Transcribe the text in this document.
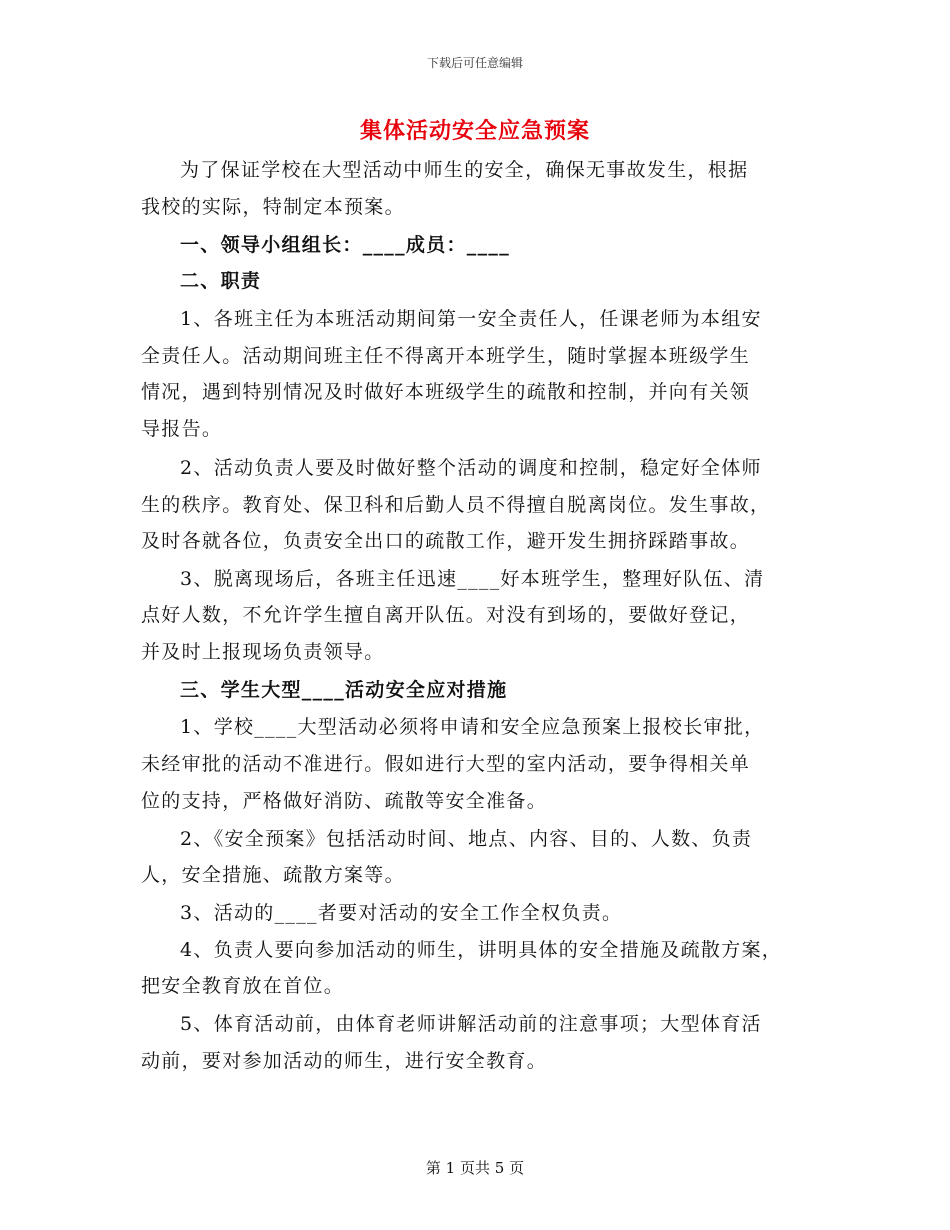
下载后可任意编辑
集体活动安全应急预案
为了保证学校在大型活动中师生的安全，确保无事故发生，根据
我校的实际，特制定本预案。
一、领导小组组长：____成员：____
二、职责
1、各班主任为本班活动期间第一安全责任人，任课老师为本组安
全责任人。活动期间班主任不得离开本班学生，随时掌握本班级学生
情况，遇到特别情况及时做好本班级学生的疏散和控制，并向有关领
导报告。
2、活动负责人要及时做好整个活动的调度和控制，稳定好全体师
生的秩序。教育处、保卫科和后勤人员不得擅自脱离岗位。发生事故，
及时各就各位，负责安全出口的疏散工作，避开发生拥挤踩踏事故。
3、脱离现场后，各班主任迅速____好本班学生，整理好队伍、清
点好人数，不允许学生擅自离开队伍。对没有到场的，要做好登记，
并及时上报现场负责领导。
三、学生大型____活动安全应对措施
1、学校____大型活动必须将申请和安全应急预案上报校长审批，
未经审批的活动不准进行。假如进行大型的室内活动，要争得相关单
位的支持，严格做好消防、疏散等安全准备。
2、《安全预案》包括活动时间、地点、内容、目的、人数、负责
人，安全措施、疏散方案等。
3、活动的____者要对活动的安全工作全权负责。
4、负责人要向参加活动的师生，讲明具体的安全措施及疏散方案，
把安全教育放在首位。
5、体育活动前，由体育老师讲解活动前的注意事项；大型体育活
动前，要对参加活动的师生，进行安全教育。
第 1 页共 5 页
